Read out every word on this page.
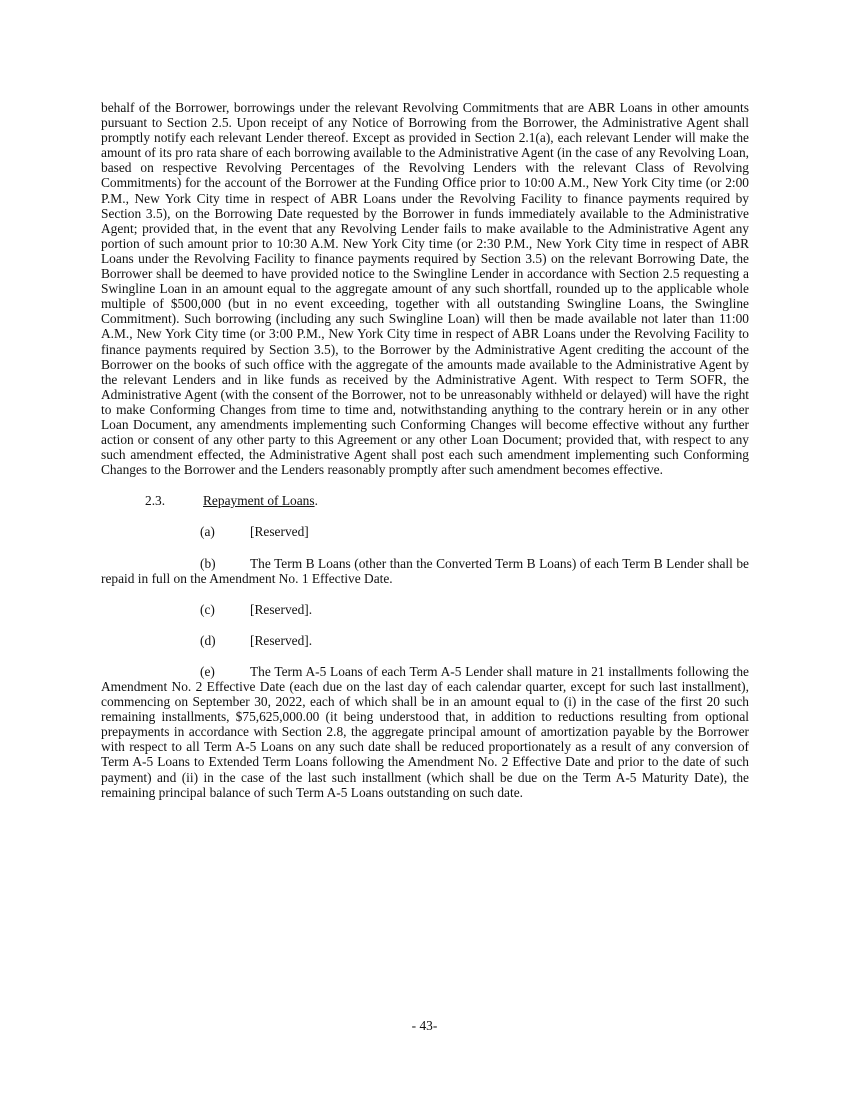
behalf of the Borrower, borrowings under the relevant Revolving Commitments that are ABR Loans in other amounts pursuant to Section 2.5. Upon receipt of any Notice of Borrowing from the Borrower, the Administrative Agent shall promptly notify each relevant Lender thereof. Except as provided in Section 2.1(a), each relevant Lender will make the amount of its pro rata share of each borrowing available to the Administrative Agent (in the case of any Revolving Loan, based on respective Revolving Percentages of the Revolving Lenders with the relevant Class of Revolving Commitments) for the account of the Borrower at the Funding Office prior to 10:00 A.M., New York City time (or 2:00 P.M., New York City time in respect of ABR Loans under the Revolving Facility to finance payments required by Section 3.5), on the Borrowing Date requested by the Borrower in funds immediately available to the Administrative Agent; provided that, in the event that any Revolving Lender fails to make available to the Administrative Agent any portion of such amount prior to 10:30 A.M. New York City time (or 2:30 P.M., New York City time in respect of ABR Loans under the Revolving Facility to finance payments required by Section 3.5) on the relevant Borrowing Date, the Borrower shall be deemed to have provided notice to the Swingline Lender in accordance with Section 2.5 requesting a Swingline Loan in an amount equal to the aggregate amount of any such shortfall, rounded up to the applicable whole multiple of $500,000 (but in no event exceeding, together with all outstanding Swingline Loans, the Swingline Commitment). Such borrowing (including any such Swingline Loan) will then be made available not later than 11:00 A.M., New York City time (or 3:00 P.M., New York City time in respect of ABR Loans under the Revolving Facility to finance payments required by Section 3.5), to the Borrower by the Administrative Agent crediting the account of the Borrower on the books of such office with the aggregate of the amounts made available to the Administrative Agent by the relevant Lenders and in like funds as received by the Administrative Agent. With respect to Term SOFR, the Administrative Agent (with the consent of the Borrower, not to be unreasonably withheld or delayed) will have the right to make Conforming Changes from time to time and, notwithstanding anything to the contrary herein or in any other Loan Document, any amendments implementing such Conforming Changes will become effective without any further action or consent of any other party to this Agreement or any other Loan Document; provided that, with respect to any such amendment effected, the Administrative Agent shall post each such amendment implementing such Conforming Changes to the Borrower and the Lenders reasonably promptly after such amendment becomes effective.

2.3.	Repayment of Loans.
(a)	[Reserved]

(b)	The Term B Loans (other than the Converted Term B Loans) of each Term B Lender shall be repaid in full on the Amendment No. 1 Effective Date.

(c)	[Reserved].
(d)	[Reserved].

(e)	The Term A-5 Loans of each Term A-5 Lender shall mature in 21 installments following the Amendment No. 2 Effective Date (each due on the last day of each calendar quarter, except for such last installment), commencing on September 30, 2022, each of which shall be in an amount equal to (i) in the case of the first 20 such remaining installments, $75,625,000.00 (it being understood that, in addition to reductions resulting from optional prepayments in accordance with Section 2.8, the aggregate principal amount of amortization payable by the Borrower with respect to all Term A-5 Loans on any such date shall be reduced proportionately as a result of any conversion of Term A-5 Loans to Extended Term Loans following the Amendment No. 2 Effective Date and prior to the date of such payment) and (ii) in the case of the last such installment (which shall be due on the Term A-5 Maturity Date), the remaining principal balance of such Term A-5 Loans outstanding on such date.

- 43-
